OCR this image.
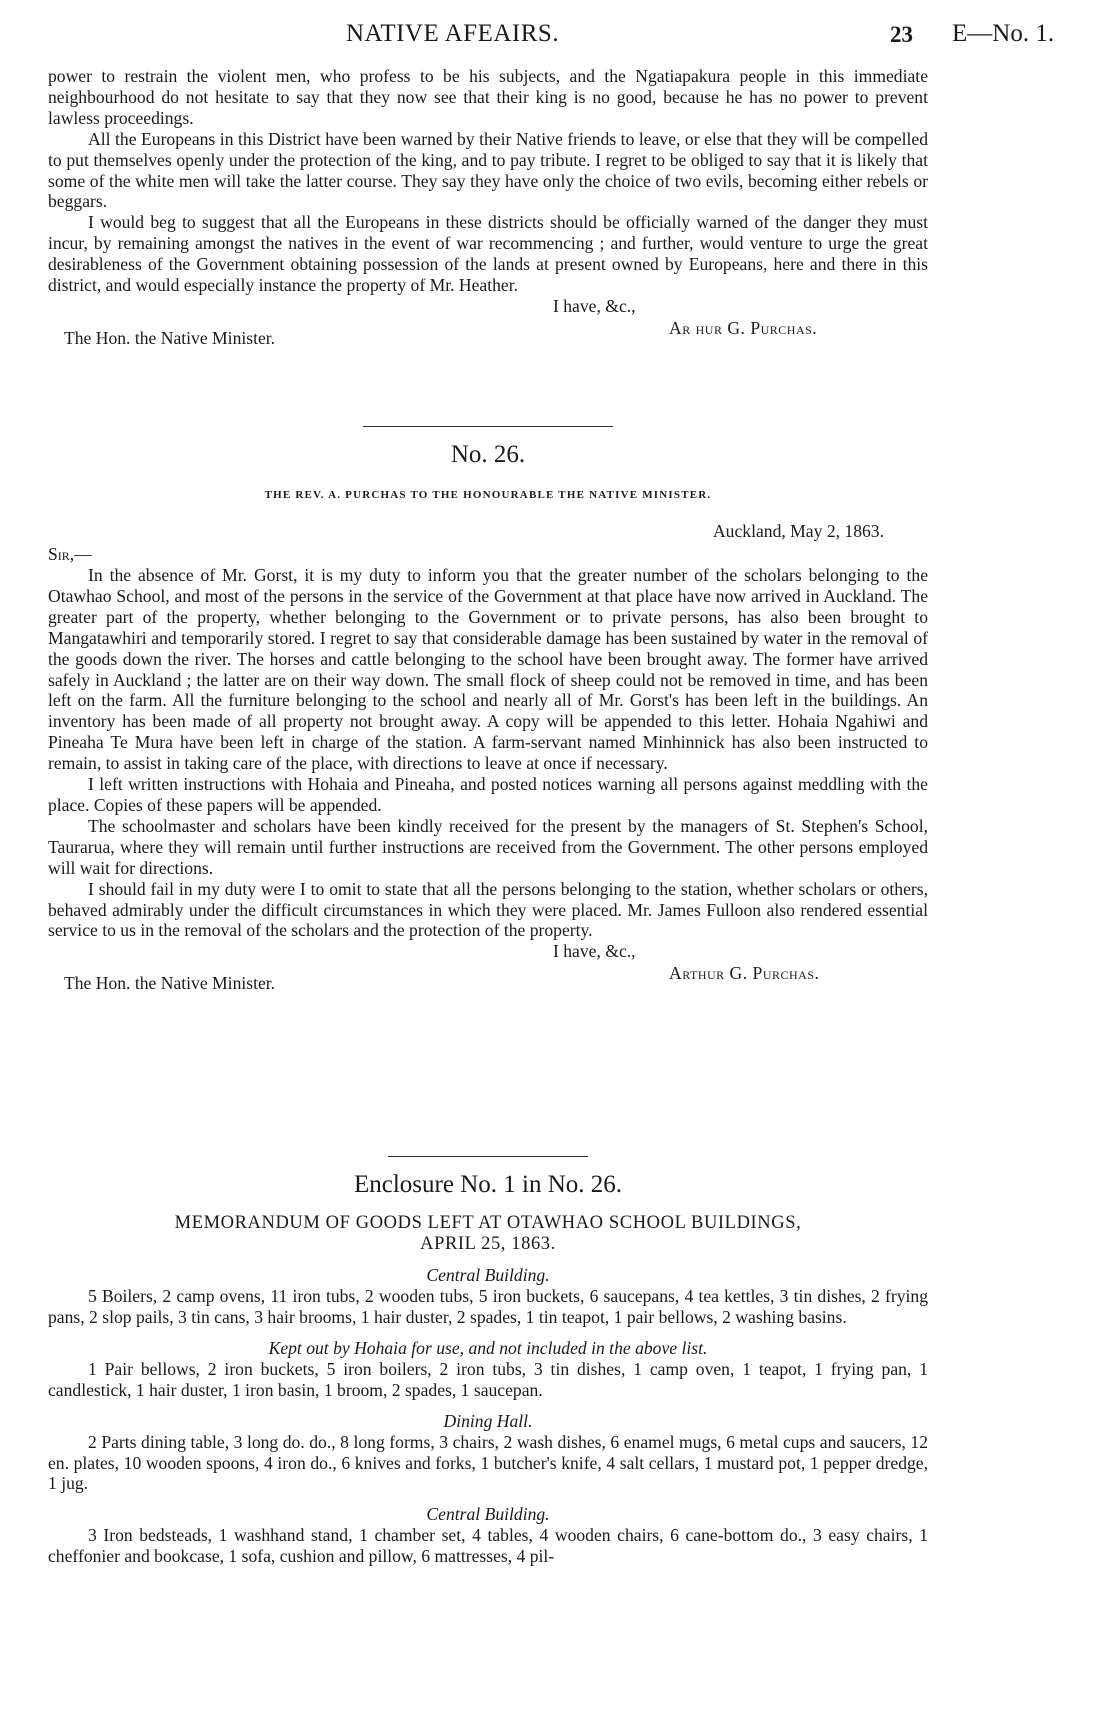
NATIVE AFEAIRS.	23 E—No. 1.

power to restrain the violent men, who profess to be his subjects, and the Ngatiapakura people in this immediate neighbourhood do not hesitate to say that they now see that their king is no good, because he has no power to prevent lawless proceedings.

All the Europeans in this District have been warned by their Native friends to leave, or else that they will be compelled to put themselves openly under the protection of the king, and to pay tribute. I regret to be obliged to say that it is likely that some of the white men will take the latter course. They say they have only the choice of two evils, becoming either rebels or beggars.

I would beg to suggest that all the Europeans in these districts should be officially warned of the danger they must incur, by remaining amongst the natives in the event of war recommencing ; and further, would venture to urge the great desirableness of the Government obtaining possession of the lands at present owned by Europeans, here and there in this district, and would especially instance the property of Mr. Heather.

I have, &c.,
Ar hur G. Purchas.
The Hon. the Native Minister.
No. 26.
THE REV. A. PURCHAS TO THE HONOURABLE THE NATIVE MINISTER.
Auckland, May 2, 1863.
Sir,—

In the absence of Mr. Gorst, it is my duty to inform you that the greater number of the scholars belonging to the Otawhao School, and most of the persons in the service of the Government at that place have now arrived in Auckland. The greater part of the property, whether belonging to the Government or to private persons, has also been brought to Mangatawhiri and temporarily stored. I regret to say that considerable damage has been sustained by water in the removal of the goods down the river. The horses and cattle belonging to the school have been brought away. The former have arrived safely in Auckland ; the latter are on their way down. The small flock of sheep could not be removed in time, and has been left on the farm. All the furniture belonging to the school and nearly all of Mr. Gorst's has been left in the buildings. An inventory has been made of all property not brought away. A copy will be appended to this letter. Hohaia Ngahiwi and Pineaha Te Mura have been left in charge of the station. A farm-servant named Minhinnick has also been instructed to remain, to assist in taking care of the place, with directions to leave at once if necessary.

I left written instructions with Hohaia and Pineaha, and posted notices warning all persons against meddling with the place. Copies of these papers will be appended.

The schoolmaster and scholars have been kindly received for the present by the managers of St. Stephen's School, Taurarua, where they will remain until further instructions are received from the Government. The other persons employed will wait for directions.

I should fail in my duty were I to omit to state that all the persons belonging to the station, whether scholars or others, behaved admirably under the difficult circumstances in which they were placed. Mr. James Fulloon also rendered essential service to us in the removal of the scholars and the protection of the property.

I have, &c.,
Arthur G. Purchas.
The Hon. the Native Minister.
Enclosure No. 1 in No. 26.
MEMORANDUM OF GOODS LEFT AT OTAWHAO SCHOOL BUILDINGS,
APRIL 25, 1863.
Central Building.

5 Boilers, 2 camp ovens, 11 iron tubs, 2 wooden tubs, 5 iron buckets, 6 saucepans, 4 tea kettles, 3 tin dishes, 2 frying pans, 2 slop pails, 3 tin cans, 3 hair brooms, 1 hair duster, 2 spades, 1 tin teapot, 1 pair bellows, 2 washing basins.

Kept out by Hohaia for use, and not included in the above list.

1 Pair bellows, 2 iron buckets, 5 iron boilers, 2 iron tubs, 3 tin dishes, 1 camp oven, 1 teapot, 1 frying pan, 1 candlestick, 1 hair duster, 1 iron basin, 1 broom, 2 spades, 1 saucepan.

Dining Hall.

2 Parts dining table, 3 long do. do., 8 long forms, 3 chairs, 2 wash dishes, 6 enamel mugs, 6 metal cups and saucers, 12 en. plates, 10 wooden spoons, 4 iron do., 6 knives and forks, 1 butcher's knife, 4 salt cellars, 1 mustard pot, 1 pepper dredge, 1 jug.

Central Building.

3 Iron bedsteads, 1 washhand stand, 1 chamber set, 4 tables, 4 wooden chairs, 6 cane-bottom do., 3 easy chairs, 1 cheffonier and bookcase, 1 sofa, cushion and pillow, 6 mattresses, 4 pil-
